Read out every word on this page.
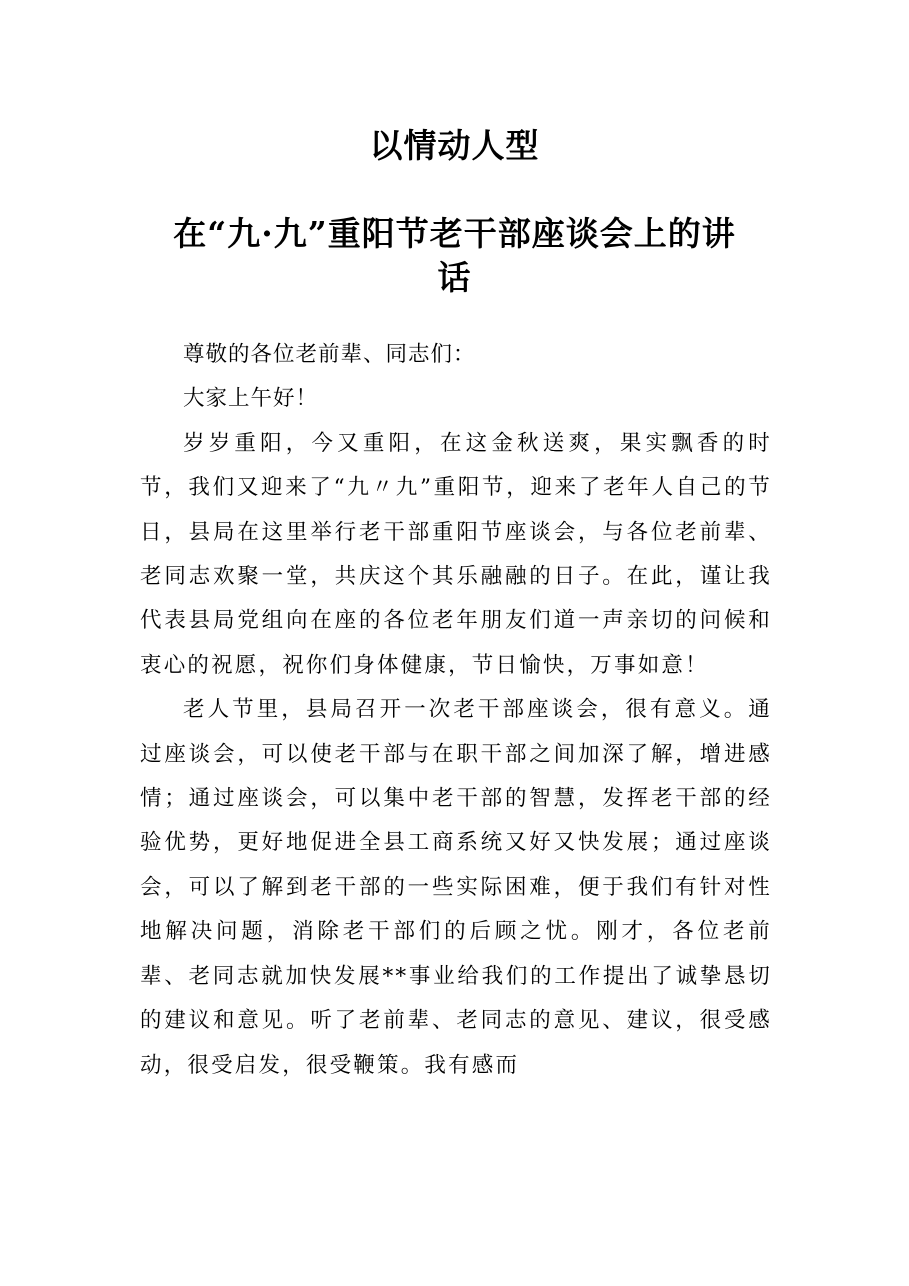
以情动人型
在“九·九”重阳节老干部座谈会上的讲
话

尊敬的各位老前辈、同志们：

大家上午好！

岁岁重阳，今又重阳，在这金秋送爽，果实飘香的时节，我们又迎来了“九〃九”重阳节，迎来了老年人自己的节日，县局在这里举行老干部重阳节座谈会，与各位老前辈、老同志欢聚一堂，共庆这个其乐融融的日子。在此，谨让我代表县局党组向在座的各位老年朋友们道一声亲切的问候和衷心的祝愿，祝你们身体健康，节日愉快，万事如意！

老人节里，县局召开一次老干部座谈会，很有意义。通过座谈会，可以使老干部与在职干部之间加深了解，增进感情；通过座谈会，可以集中老干部的智慧，发挥老干部的经验优势，更好地促进全县工商系统又好又快发展；通过座谈会，可以了解到老干部的一些实际困难，便于我们有针对性地解决问题，消除老干部们的后顾之忧。刚才，各位老前辈、老同志就加快发展**事业给我们的工作提出了诚挚恳切的建议和意见。听了老前辈、老同志的意见、建议，很受感动，很受启发，很受鞭策。我有感而
